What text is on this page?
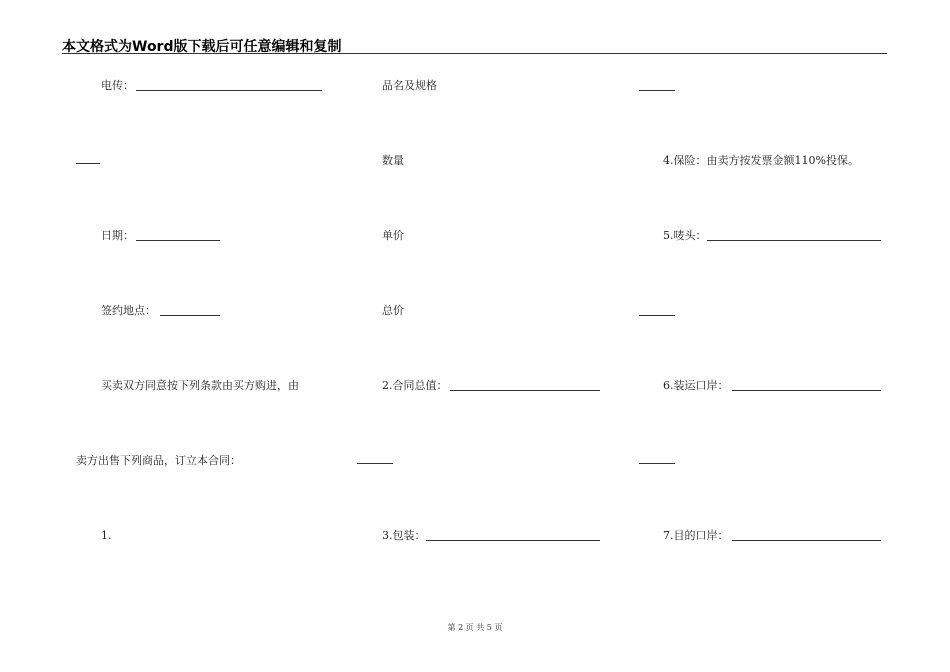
本文格式为Word版下载后可任意编辑和复制
电传：
日期：
签约地点：
买卖双方同意按下列条款由买方购进，由
卖方出售下列商品，订立本合同：
1.
品名及规格
数量
单价
总价
2.合同总值：
3.包装：
4.保险：由卖方按发票金额110%投保。
5.唛头：
6.装运口岸：
7.目的口岸：
第 2 页 共 5 页
